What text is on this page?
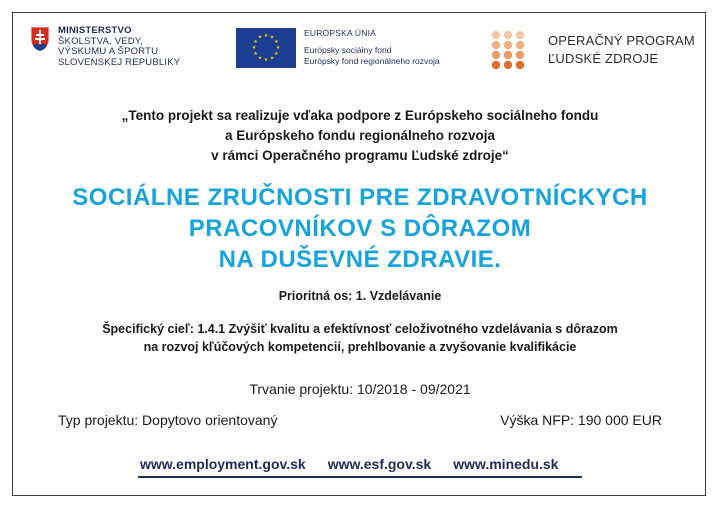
MINISTERSTVO
ŠKOLSTVA, VEDY,
VÝSKUMU A ŠPORTU
SLOVENSKEJ REPUBLIKY
★ ★
★
★
★
★
★
★
★
★
★
★	EURÓPSKA ÚNIA
Európsky sociálny fond
Európsky fond regionálneho rozvoja
OPERAČNÝ PROGRAM
ĽUDSKÉ ZDROJE
„Tento projekt sa realizuje vďaka podpore z Európskeho sociálneho fondu
a Európskeho fondu regionálneho rozvoja
v rámci Operačného programu Ľudské zdroje“
SOCIÁLNE ZRUČNOSTI PRE ZDRAVOTNÍCKYCH
PRACOVNÍKOV S DÔRAZOM
NA DUŠEVNÉ ZDRAVIE.
Prioritná os: 1. Vzdelávanie
Špecifický cieľ: 1.4.1 Zvýšiť kvalitu a efektívnosť celoživotného vzdelávania s dôrazom
na rozvoj kľúčových kompetencií, prehlbovanie a zvyšovanie kvalifikácie
Trvanie projektu: 10/2018 - 09/2021
Typ projektu: Dopytovo orientovaný	Výška NFP: 190 000 EUR
www.employment.gov.sk www.esf.gov.sk www.minedu.sk
